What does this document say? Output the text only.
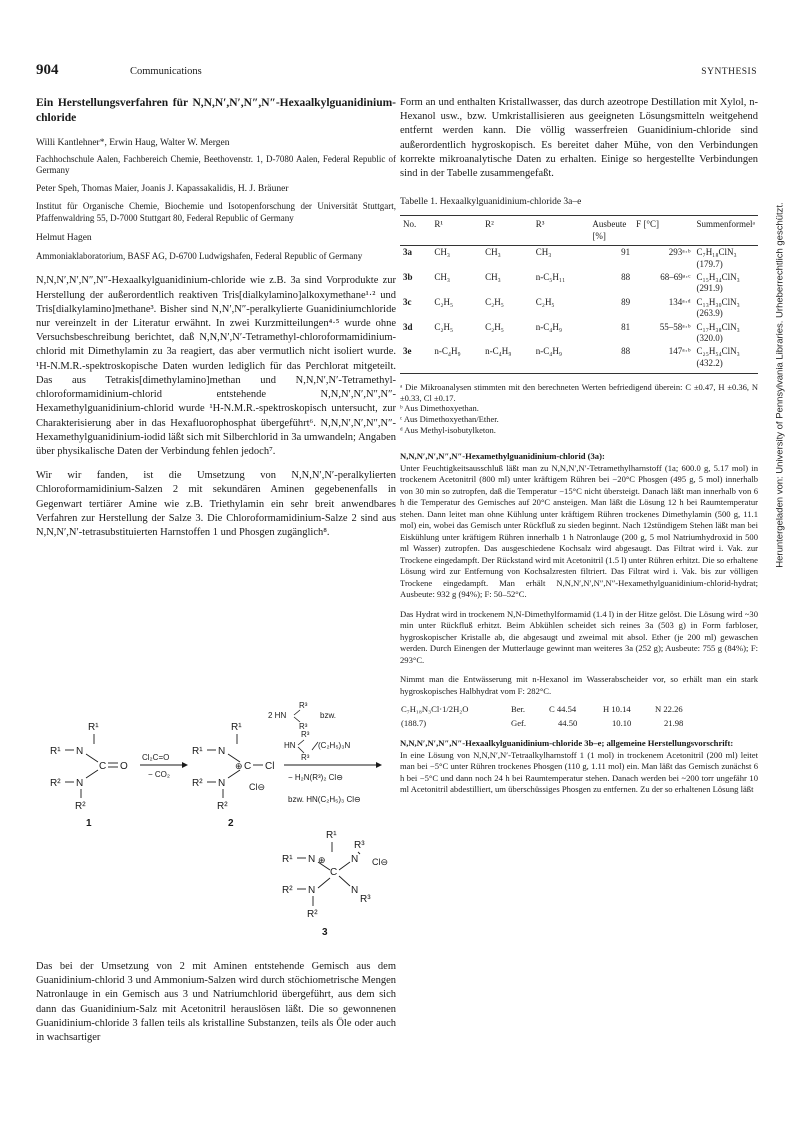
904	Communications	SYNTHESIS
Ein Herstellungsverfahren für N,N,N′,N′,N″,N″-Hexaalkylguanidinium-chloride

Willi Kantlehner*, Erwin Haug, Walter W. Mergen

Fachhochschule Aalen, Fachbereich Chemie, Beethovenstr. 1, D-7080 Aalen, Federal Republic of Germany

Peter Speh, Thomas Maier, Joanis J. Kapassakalidis, H. J. Bräuner

Institut für Organische Chemie, Biochemie und Isotopenforschung der Universität Stuttgart, Pfaffenwaldring 55, D-7000 Stuttgart 80, Federal Republic of Germany

Helmut Hagen

Ammoniaklaboratorium, BASF AG, D-6700 Ludwigshafen, Federal Republic of Germany

N,N,N′,N′,N″,N″-Hexaalkylguanidinium-chloride wie z.B. 3a sind Vorprodukte zur Herstellung der außerordentlich reaktiven Tris[dialkylamino]alkoxymethane¹·² und Tris[dialkylamino]methane³. Bisher sind N,N′,N″-peralkylierte Guanidiniumchloride nur vereinzelt in der Literatur erwähnt. In zwei Kurzmitteilungen⁴·⁵ wurde ohne Versuchsbeschreibung berichtet, daß N,N,N′,N′-Tetramethyl-chloroformamidinium-chlorid mit Dimethylamin zu 3a reagiert, das aber vermutlich nicht isoliert wurde. ¹H-N.M.R.-spektroskopische Daten wurden lediglich für das Perchlorat mitgeteilt. Das aus Tetrakis[dimethylamino]methan und N,N,N′,N′-Tetramethyl-chloroformamidinium-chlorid entstehende N,N,N′,N′,N″,N″-Hexamethylguanidinium-chlorid wurde ¹H-N.M.R.-spektroskopisch untersucht, zur Charakterisierung aber in das Hexafluorophosphat übergeführt⁶. N,N,N′,N′,N″,N″-Hexamethylguanidinium-iodid läßt sich mit Silberchlorid in 3a umwandeln; Angaben über physikalische Daten der Verbindung fehlen jedoch⁷.

Wir wir fanden, ist die Umsetzung von N,N,N′,N′-peralkylierten Chloroformamidinium-Salzen 2 mit sekundären Aminen gegebenenfalls in Gegenwart tertiärer Amine wie z.B. Triethylamin ein sehr breit anwendbares Verfahren zur Herstellung der Salze 3. Die Chloroformamidinium-Salze 2 sind aus N,N,N′,N′-tetrasubstituierten Harnstoffen 1 und Phosgen zugänglich⁸.

R¹
R¹ N
C O
R² N
R²
1
Cl₂C=O
− CO₂
R¹
R¹ N
⊕ C Cl
R² N	Cl⊖
R²
2
R³
2 HN
R³
bzw.
R³
HN
R³
(C₂H₅)₃N
− H₂N(R³)₂ Cl⊖
bzw. HN(C₂H₅)₃ Cl⊖
R¹
R¹ N ⊕
C
N
R³
Cl⊖
N
R³
R² N
R²
3

Das bei der Umsetzung von 2 mit Aminen entstehende Gemisch aus dem Guanidinium-chlorid 3 und Ammonium-Salzen wird durch stöchiometrische Mengen Natronlauge in ein Gemisch aus 3 und Natriumchlorid übergeführt, aus dem sich dann das Guanidinium-Salz mit Acetonitril herauslösen läßt. Die so gewonnenen Guanidinium-chloride 3 fallen teils als kristalline Substanzen, teils als Öle oder auch in wachsartiger

Form an und enthalten Kristallwasser, das durch azeotrope Destillation mit Xylol, n-Hexanol usw., bzw. Umkristallisieren aus geeigneten Lösungsmitteln weitgehend entfernt werden kann. Die völlig wasserfreien Guanidinium-chloride sind außerordentlich hygroskopisch. Es bereitet daher Mühe, von den Verbindungen korrekte mikroanalytische Daten zu erhalten. Einige so hergestellte Verbindungen sind in der Tabelle zusammengefaßt.

Tabelle 1. Hexaalkylguanidinium-chloride 3a–e

No.	R¹	R²	R³	Ausbeute [%]	F [°C]	Summenformelᵃ
3a	CH₃	CH₃	CH₃	91	293ᵃ·ᵇ	C₇H₁₈ClN₃
(179.7)

3b	CH₃	CH₃	n-C₅H₁₁	88	68–69ᵃ·ᶜ	C₁₅H₃₄ClN₃
(291.9)

3c	C₂H₅	C₂H₅	C₂H₅	89	134ᵃ·ᵈ	C₁₃H₃₀ClN₃
(263.9)

3d	C₂H₅	C₂H₅	n-C₄H₉	81	55–58ᵃ·ᵇ	C₁₇H₃₈ClN₃
(320.0)

3e	n-C₄H₉	n-C₄H₉	n-C₄H₉	88	147ᵃ·ᵇ	C₂₅H₅₄ClN₃
(432.2)

ᵃ Die Mikroanalysen stimmten mit den berechneten Werten befriedigend überein: C ±0.47, H ±0.36, N ±0.33, Cl ±0.17.

ᵇ Aus Dimethoxyethan.

ᶜ Aus Dimethoxyethan/Ether.

ᵈ Aus Methyl-isobutylketon.

N,N,N′,N′,N″,N″-Hexamethylguanidinium-chlorid (3a):

Unter Feuchtigkeitsausschluß läßt man zu N,N,N′,N′-Tetramethylharnstoff (1a; 600.0 g, 5.17 mol) in trockenem Acetonitril (800 ml) unter kräftigem Rühren bei −20°C Phosgen (495 g, 5 mol) innerhalb von 30 min so zutropfen, daß die Temperatur −15°C nicht übersteigt. Danach läßt man innerhalb von 6 h die Temperatur des Gemisches auf 20°C ansteigen. Man läßt die Lösung 12 h bei Raumtemperatur stehen. Dann leitet man ohne Kühlung unter kräftigem Rühren trockenes Dimethylamin (500 g, 11.1 mol) ein, wobei das Gemisch unter Rückfluß zu sieden beginnt. Nach 12stündigem Stehen läßt man bei Eiskühlung unter kräftigem Rühren innerhalb 1 h Natronlauge (200 g, 5 mol Natriumhydroxid in 500 ml Wasser) zutropfen. Das ausgeschiedene Kochsalz wird abgesaugt. Das Filtrat wird i. Vak. zur Trockene eingedampft. Der Rückstand wird mit Acetonitril (1.5 l) unter Rühren erhitzt. Die so erhaltene Lösung wird zur Entfernung von Kochsalzresten filtriert. Das Filtrat wird i. Vak. bis zur völligen Trockene eingedampft. Man erhält N,N,N′,N′,N″,N″-Hexamethylguanidinium-chlorid-hydrat; Ausbeute: 932 g (94%); F: 50–52°C.

Das Hydrat wird in trockenem N,N-Dimethylformamid (1.4 l) in der Hitze gelöst. Die Lösung wird ~30 min unter Rückfluß erhitzt. Beim Abkühlen scheidet sich reines 3a (503 g) in Form farbloser, hygroskopischer Kristalle ab, die abgesaugt und zweimal mit absol. Ether (je 200 ml) gewaschen werden. Durch Einengen der Mutterlauge gewinnt man weiteres 3a (252 g); Ausbeute: 755 g (84%); F: 293°C.

Nimmt man die Entwässerung mit n-Hexanol im Wasserabscheider vor, so erhält man ein stark hygroskopisches Halbhydrat vom F: 282°C.

C₇H₁₈N₃Cl·1/2H₂O	Ber.	C 44.54	H 10.14	N 22.26
(188.7)	Gef.	44.50	10.10	21.98

N,N,N′,N′,N″,N″-Hexaalkylguanidinium-chloride 3b–e; allgemeine Herstellungsvorschrift:

In eine Lösung von N,N,N′,N′-Tetraalkylharnstoff 1 (1 mol) in trockenem Acetonitril (200 ml) leitet man bei −5°C unter Rühren trockenes Phosgen (110 g, 1.11 mol) ein. Man läßt das Gemisch zunächst 6 h bei −5°C und dann noch 24 h bei Raumtemperatur stehen. Danach werden bei ~200 torr ungefähr 10 ml Acetonitril abdestilliert, um überschüssiges Phosgen zu entfernen. Zu der so erhaltenen Lösung läßt

Heruntergeladen von: University of Pennsylvania Libraries. Urheberrechtlich geschützt.
